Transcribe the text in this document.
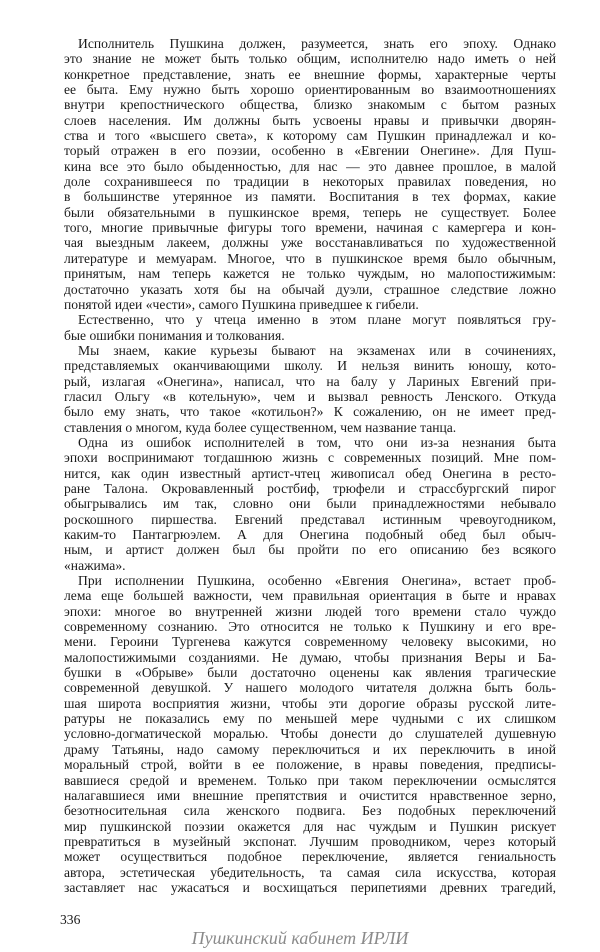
Исполнитель Пушкина должен, разумеется, знать его эпоху. Однако
это знание не может быть только общим, исполнителю надо иметь о ней
конкретное представление, знать ее внешние формы, характерные черты
ее быта. Ему нужно быть хорошо ориентированным во взаимоотношениях
внутри крепостнического общества, близко знакомым с бытом разных
слоев населения. Им должны быть усвоены нравы и привычки дворян-
ства и того «высшего света», к которому сам Пушкин принадлежал и ко-
торый отражен в его поэзии, особенно в «Евгении Онегине». Для Пуш-
кина все это было обыденностью, для нас — это давнее прошлое, в малой
доле сохранившееся по традиции в некоторых правилах поведения, но
в большинстве утерянное из памяти. Воспитания в тех формах, какие
были обязательными в пушкинское время, теперь не существует. Более
того, многие привычные фигуры того времени, начиная с камергера и кон-
чая выездным лакеем, должны уже восстанавливаться по художественной
литературе и мемуарам. Многое, что в пушкинское время было обычным,
принятым, нам теперь кажется не только чуждым, но малопостижимым:
достаточно указать хотя бы на обычай дуэли, страшное следствие ложно
понятой идеи «чести», самого Пушкина приведшее к гибели.
Естественно, что у чтеца именно в этом плане могут появляться гру-
бые ошибки понимания и толкования.
Мы знаем, какие курьезы бывают на экзаменах или в сочинениях,
представляемых оканчивающими школу. И нельзя винить юношу, кото-
рый, излагая «Онегина», написал, что на балу у Лариных Евгений при-
гласил Ольгу «в котельную», чем и вызвал ревность Ленского. Откуда
было ему знать, что такое «котильон?» К сожалению, он не имеет пред-
ставления о многом, куда более существенном, чем название танца.
Одна из ошибок исполнителей в том, что они из-за незнания быта
эпохи воспринимают тогдашнюю жизнь с современных позиций. Мне пом-
нится, как один известный артист-чтец живописал обед Онегина в ресто-
ране Талона. Окровавленный ростбиф, трюфели и страссбургский пирог
обыгрывались им так, словно они были принадлежностями небывало
роскошного пиршества. Евгений представал истинным чревоугодником,
каким-то Пантагрюэлем. А для Онегина подобный обед был обыч-
ным, и артист должен был бы пройти по его описанию без всякого
«нажима».
При исполнении Пушкина, особенно «Евгения Онегина», встает проб-
лема еще большей важности, чем правильная ориентация в быте и нравах
эпохи: многое во внутренней жизни людей того времени стало чуждо
современному сознанию. Это относится не только к Пушкину и его вре-
мени. Героини Тургенева кажутся современному человеку высокими, но
малопостижимыми созданиями. Не думаю, чтобы признания Веры и Ба-
бушки в «Обрыве» были достаточно оценены как явления трагические
современной девушкой. У нашего молодого читателя должна быть боль-
шая широта восприятия жизни, чтобы эти дорогие образы русской лите-
ратуры не показались ему по меньшей мере чудными с их слишком
условно-догматической моралью. Чтобы донести до слушателей душевную
драму Татьяны, надо самому переключиться и их переключить в иной
моральный строй, войти в ее положение, в нравы поведения, предписы-
вавшиеся средой и временем. Только при таком переключении осмыслятся
налагавшиеся ими внешние препятствия и очистится нравственное зерно,
безотносительная сила женского подвига. Без подобных переключений
мир пушкинской поэзии окажется для нас чуждым и Пушкин рискует
превратиться в музейный экспонат. Лучшим проводником, через который
может осуществиться подобное переключение, является гениальность
автора, эстетическая убедительность, та самая сила искусства, которая
заставляет нас ужасаться и восхищаться перипетиями древних трагедий,
336
Пушкинский кабинет ИРЛИ
